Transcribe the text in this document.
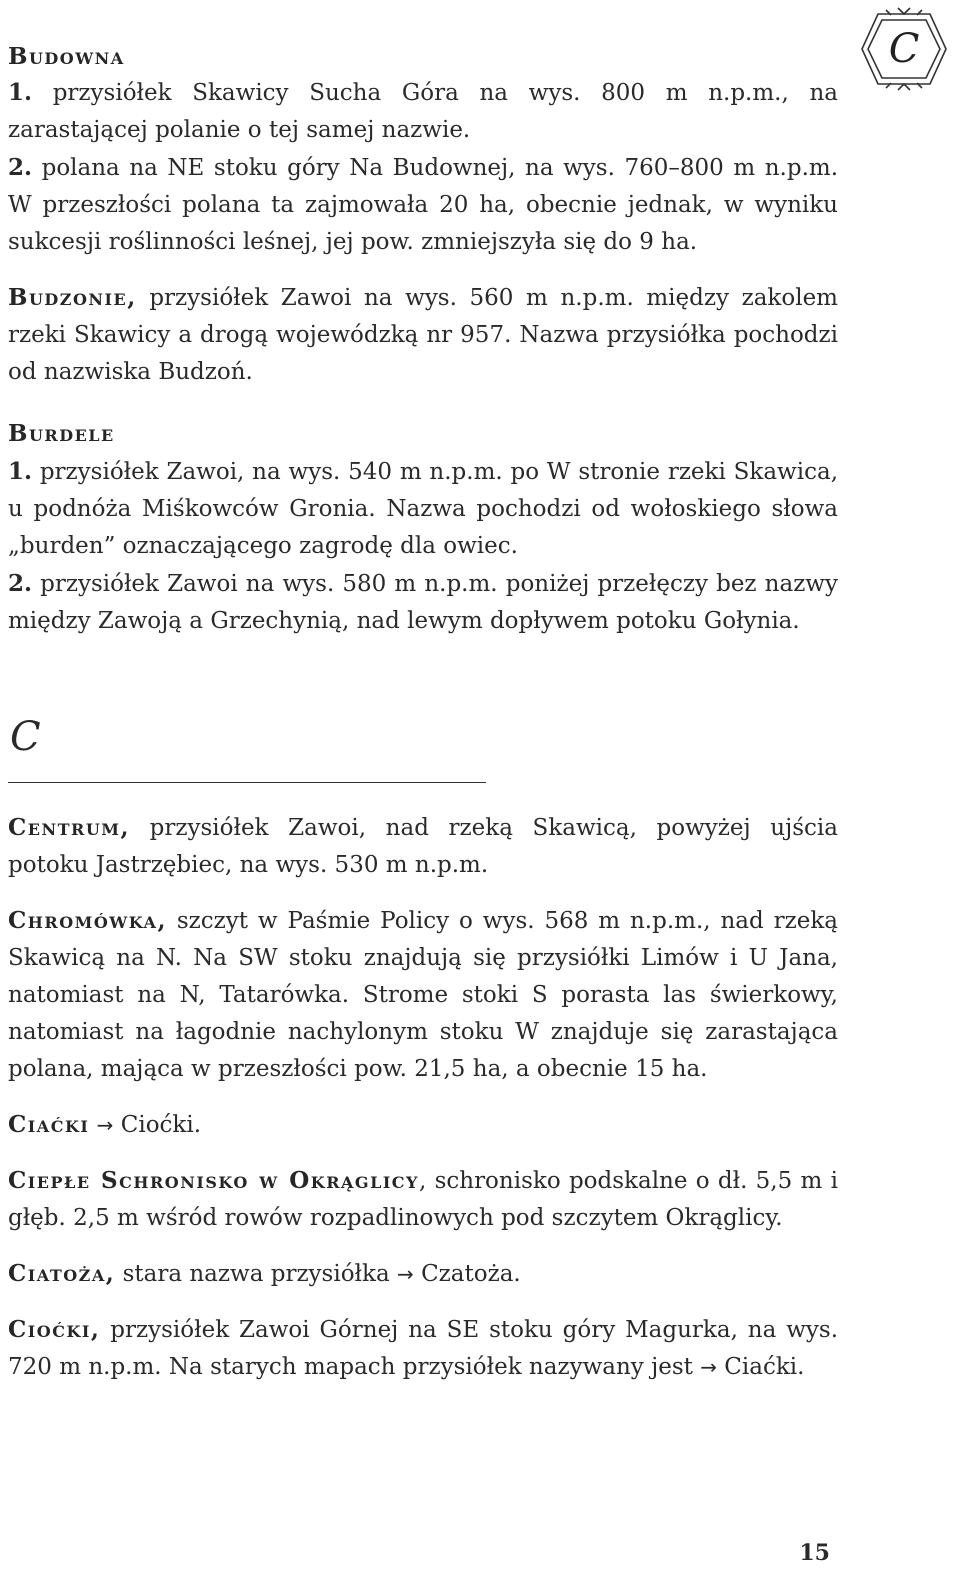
C

Budowna

1. przysiółek Skawicy Sucha Góra na wys. 800 m n.p.m., na zarastającej polanie o tej samej nazwie.

2. polana na NE stoku góry Na Budownej, na wys. 760–800 m n.p.m. W przeszłości polana ta zajmowała 20 ha, obecnie jednak, w wyniku sukcesji roślinności leśnej, jej pow. zmniejszyła się do 9 ha.

Budzonie, przysiółek Zawoi na wys. 560 m n.p.m. między zakolem rzeki Skawicy a drogą wojewódzką nr 957. Nazwa przysiółka pochodzi od nazwiska Budzoń.

Burdele

1. przysiółek Zawoi, na wys. 540 m n.p.m. po W stronie rzeki Skawica, u podnóża Miśkowców Gronia. Nazwa pochodzi od wołoskiego słowa „burden” oznaczającego zagrodę dla owiec.

2. przysiółek Zawoi na wys. 580 m n.p.m. poniżej przełęczy bez nazwy między Zawoją a Grzechynią, nad lewym dopływem potoku Gołynia.

C

Centrum, przysiółek Zawoi, nad rzeką Skawicą, powyżej ujścia potoku Jastrzębiec, na wys. 530 m n.p.m.

Chromówka, szczyt w Paśmie Policy o wys. 568 m n.p.m., nad rzeką Skawicą na N. Na SW stoku znajdują się przysiółki Limów i U Jana, natomiast na N, Tatarówka. Strome stoki S porasta las świerkowy, natomiast na łagodnie nachylonym stoku W znajduje się zarastająca polana, mająca w przeszłości pow. 21,5 ha, a obecnie 15 ha.

Ciaćki → Ciоćki.

Ciepłe Schronisko w Okrąglicy, schronisko podskalne o dł. 5,5 m i głęb. 2,5 m wśród rowów rozpadlinowych pod szczytem Okrąglicy.

Ciatoża, stara nazwa przysiółka → Czatoża.

Ciоćki, przysiółek Zawoi Górnej na SE stoku góry Magurka, na wys. 720 m n.p.m. Na starych mapach przysiółek nazywany jest → Ciaćki.

15
